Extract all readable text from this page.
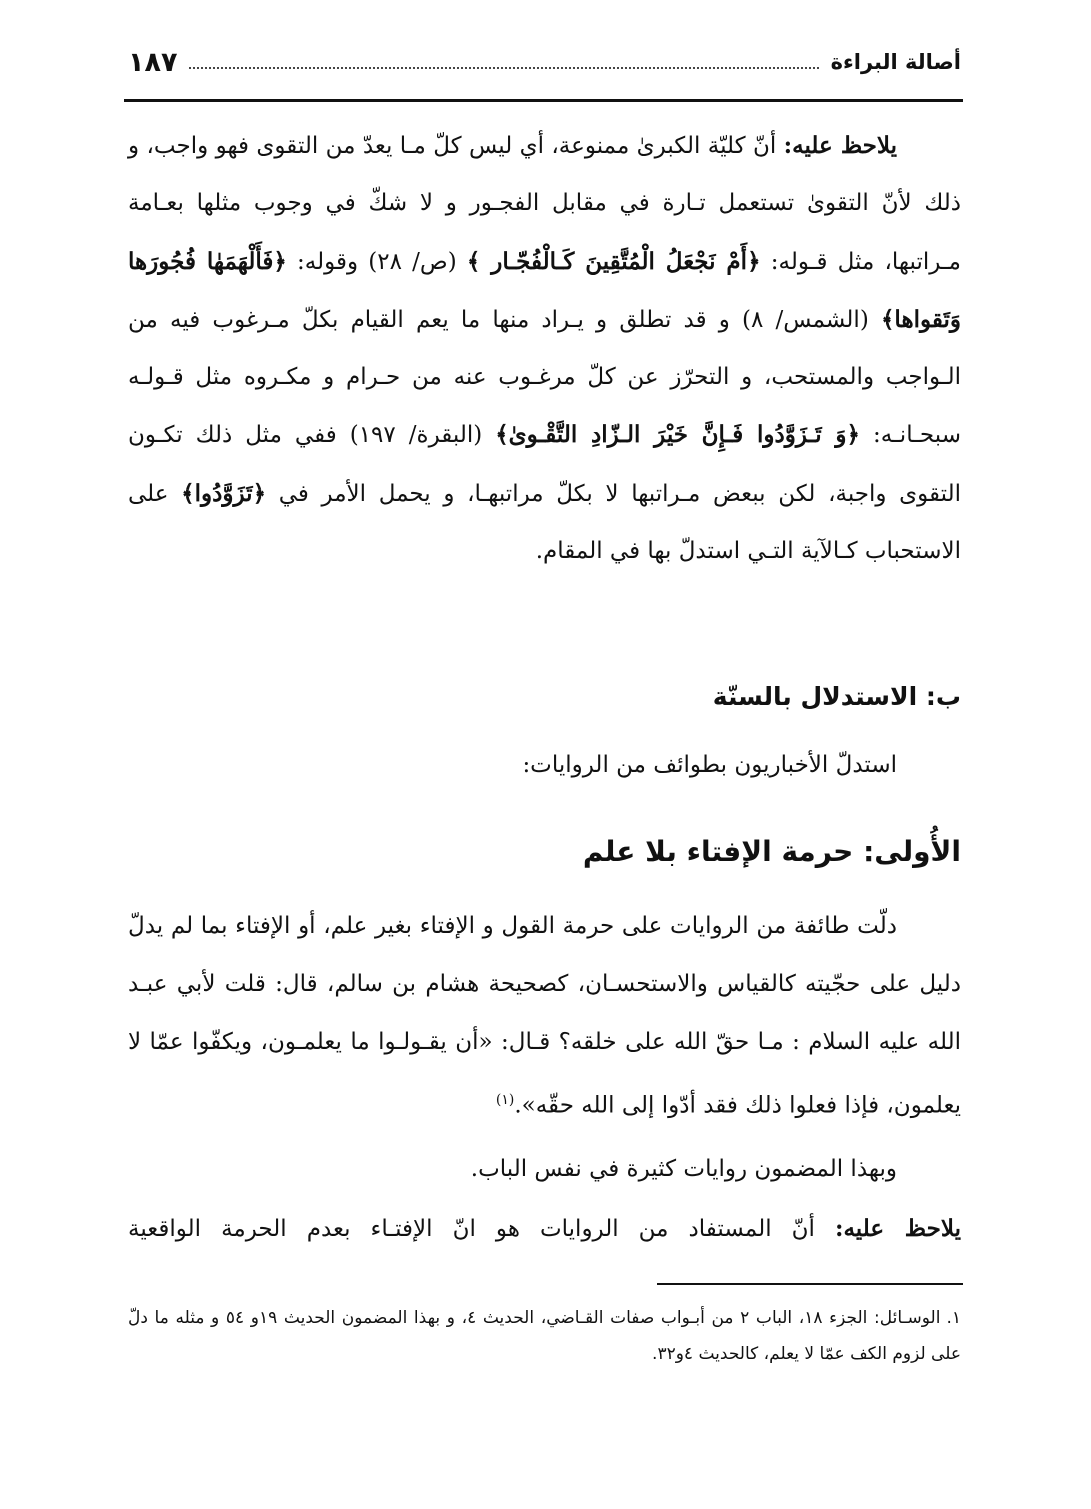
أصالة البراءة
١٨٧
يلاحظ عليه: أنّ كليّة الكبرىٰ ممنوعة، أي ليس كلّ مـا يعدّ من التقوى فهو واجب، و ذلك لأنّ التقوىٰ تستعمل تـارة في مقابل الفجـور و لا شكّ في وجوب مثلها بعـامة مـراتبها، مثل قـوله: ﴿أَمْ نَجْعَلُ الْمُتَّقِينَ كَـالْفُجّـار ﴾ (ص/ ٢٨) وقوله: ﴿فَأَلْهَمَهٰا فُجُورَها وَتَقواها﴾ (الشمس/ ٨) و قد تطلق و يـراد منها ما يعم القيام بكلّ مـرغوب فيه من الـواجب والمستحب، و التحرّز عن كلّ مرغـوب عنه من حـرام و مكـروه مثل قـولـه سبحـانـه: ﴿وَ تَـزَوَّدُوا فَـإِنَّ خَيْرَ الـزّادِ التَّقْـوىٰ﴾ (البقرة/ ١٩٧) ففي مثل ذلك تكـون التقوى واجبة، لكن ببعض مـراتبها لا بكلّ مراتبهـا، و يحمل الأمر في ﴿تَزَوَّدُوا﴾ على الاستحباب كـالآية التـي استدلّ بها في المقام.
ب: الاستدلال بالسنّة
استدلّ الأخباريون بطوائف من الروايات:
الأُولى: حرمة الإفتاء بلا علم
دلّت طائفة من الروايات على حرمة القول و الإفتاء بغير علم، أو الإفتاء بما لم يدلّ دليل على حجّيته كالقياس والاستحسـان، كصحيحة هشام بن سالم، قال: قلت لأبي عبـد الله عليه السلام : مـا حقّ الله على خلقه؟ قـال: «أن يقـولـوا ما يعلمـون، ويكفّوا عمّا لا يعلمون، فإذا فعلوا ذلك فقد أدّوا إلى الله حقّه».$^{(١)}$
وبهذا المضمون روايات كثيرة في نفس الباب.
يلاحظ عليه: أنّ المستفاد من الروايات هو انّ الإفتـاء بعدم الحرمة الواقعية
١.الوسـائل: الجزء ١٨، الباب ٢ من أبـواب صفات القـاضي، الحديث ٤، و بهذا المضمون الحديث ١٩و ٥٤ و مثله ما دلّ على لزوم الكف عمّا لا يعلم، كالحديث ٤و٣٢.
